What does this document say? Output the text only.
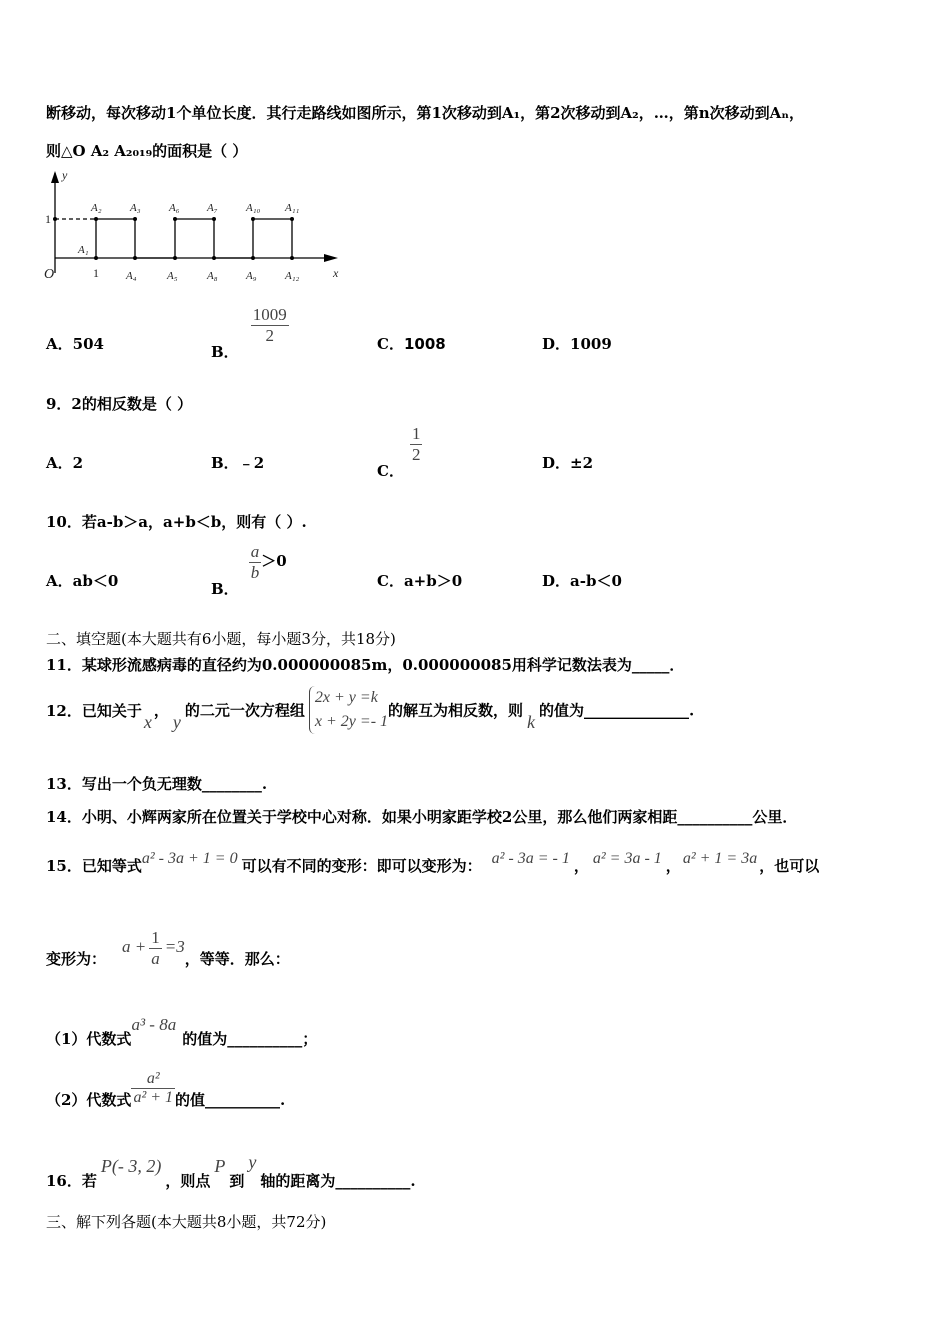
断移动，每次移动1个单位长度．其行走路线如图所示，第1次移动到A₁，第2次移动到A₂，…，第n次移动到Aₙ，
则△O A₂ A₂₀₁₉的面积是（ ）
y
x
O
A₁
1
1
A₂	A₃	A₆ A₇	A₁₀ A₁₁
A₄	A₅	A₈	A₉	A₁₂
A．504	B．
$\frac{1009}{2}$	C．1008	D．1009
9．2的相反数是（ ）
A．2	B．﹣2	C．
$\frac{1}{2}$	D．±2
10．若a-b＞a，a+b＜b，则有（ ）.
A．ab＜0	B．
$\frac{a}{b} >0$
C．a+b＞0	D．a-b＜0
二、填空题(本大题共有6小题，每小题3分，共18分)
11．某球形流感病毒的直径约为0.000000085m，0.000000085用科学记数法表为_____．
12．已知关于x，y的二元一次方程组
2x + y =k
x + 2y =- 1
的解互为相反数，则k的值为______________.
13．写出一个负无理数________.
14．小明、小辉两家所在位置关于学校中心对称．如果小明家距学校2公里，那么他们两家相距__________公里．
15．已知等式a² - 3a + 1 = 0 可以有不同的变形：即可以变形为： a² - 3a = - 1 ， a² = 3a - 1 ， a² + 1 = 3a ，也可以
变形为：$a + \frac{1}{a} =3$，等等．那么：
（1）代数式a³ - 8a的值为__________；
（2）代数式 $\frac{\text{a²}}{\text{a² + 1}}$ 的值__________.
16．若P(- 3, 2)，则点P到y轴的距离为__________.
三、解下列各题(本大题共8小题，共72分)
